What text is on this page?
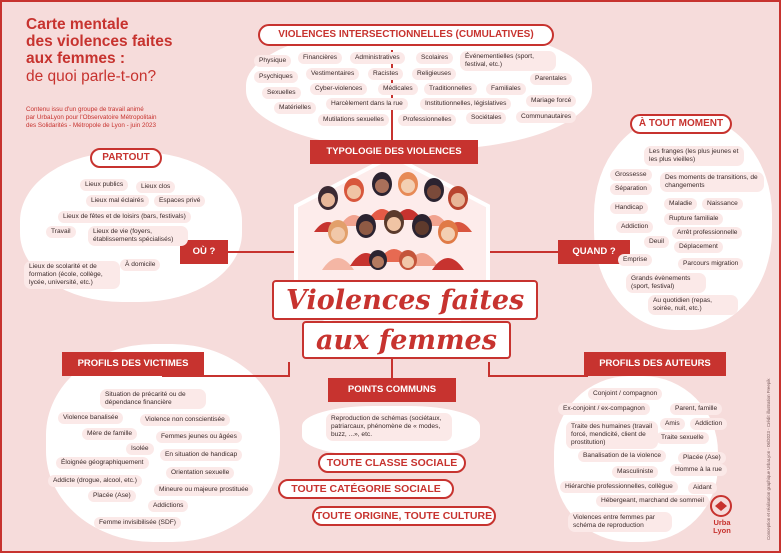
Carte mentale
des violences faites
aux femmes :
de quoi parle-t-on?
Contenu issu d'un groupe de travail animé
par UrbaLyon pour l'Observatoire Métropolitain
des Solidarités - Métropole de Lyon - juin 2023
Violences faites
aux femmes
TYPOLOGIE DES VIOLENCES
OÙ ?	QUAND ?
PROFILS DES VICTIMES
POINTS COMMUNS
PROFILS DES AUTEURS
VIOLENCES INTERSECTIONNELLES (CUMULATIVES)
PARTOUT
À TOUT MOMENT
Physique	Financières	Administratives	Scolaires	Événementielles (sport, festival, etc.)
Psychiques	Vestimentaires	Racistes	Religieuses
Parentales
Sexuelles
Cyber-violences	Médicales	Traditionnelles	Familiales
Matérielles
Harcèlement dans la rue	Institutionnelles, législatives	Mariage forcé
Mutilations sexuelles	Professionnelles	Sociétales	Communautaires
Lieux publics	Lieux clos
Lieux mal éclairés	Espaces privé
Lieux de fêtes et de loisirs (bars, festivals)
Travail	Lieux de vie (foyers, établissements spécialisés)
Lieux de scolarité et de formation (école, collège, lycée, université, etc.)
À domicile
Les franges (les plus jeunes et les plus vieilles)
Grossesse
Séparation
Des moments de transitions, de changements
Handicap
Maladie	Naissance
Rupture familiale
Addiction
Arrêt professionnelle
Deuil
Déplacement
Emprise
Parcours migration
Grands évènements (sport, festival)
Au quotidien (repas, soirée, nuit, etc.)
Situation de précarité ou de dépendance financière
Violence banalisée	Violence non conscientisée
Mère de famille	Femmes jeunes ou âgées
Isolée
En situation de handicap
Éloignée géographiquement
Orientation sexuelle
Addicte (drogue, alcool, etc.)
Mineure ou majeure prostituée
Placée (Ase)
Addictions
Femme invisibilisée (SDF)
Reproduction de schémas (sociétaux, patriarcaux, phénomène de « modes, buzz, ...», etc.
TOUTE CLASSE SOCIALE
TOUTE CATÉGORIE SOCIALE
TOUTE ORIGINE, TOUTE CULTURE
Conjoint / compagnon
Ex-conjoint / ex-compagnon	Parent, famille
Amis	Addiction
Traite des humaines (travail forcé, mendicité, client de prostitution)
Traite sexuelle
Banalisation de la violence	Placée (Ase)
Masculiniste	Homme à la rue
Hiérarchie professionnelles, collègue	Aidant
Hébergeant, marchand de sommeil
Violences entre femmes par schéma de reproduction	Urba
Lyon	Conception et réalisation graphique UrbaLyon - 06/2023 - Crédit illustration Freepik
